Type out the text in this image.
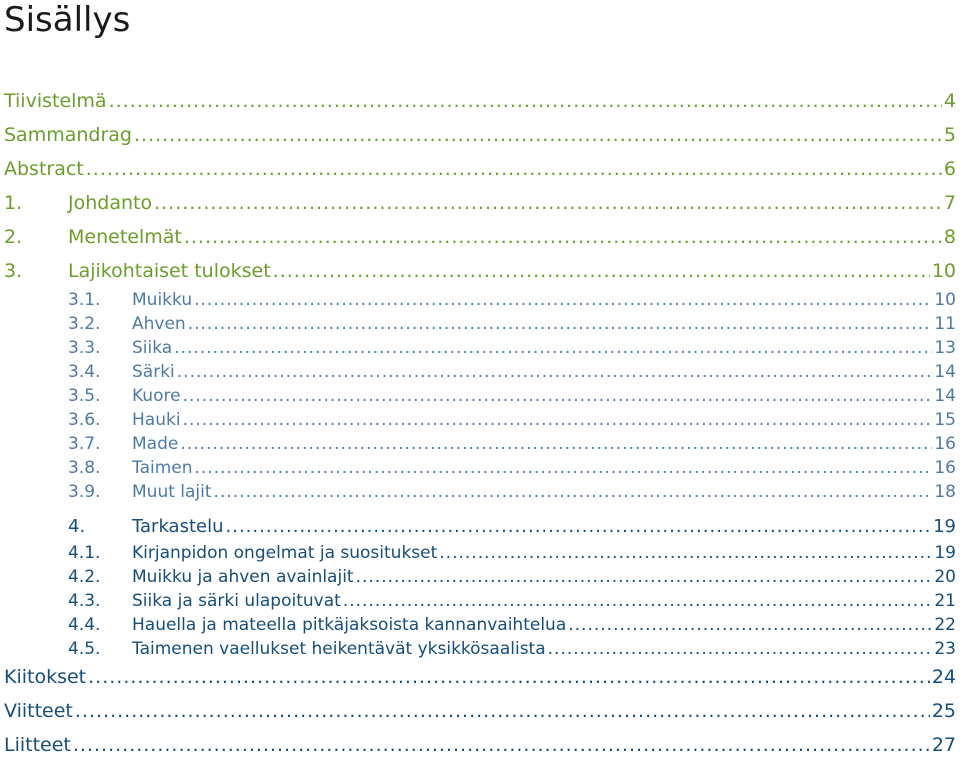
Sisällys
Tiivistelmä .....	4
Sammandrag .....	5
Abstract .....	6
1.	Johdanto .....	7
2.	Menetelmät .....	8
3.	Lajikohtaiset tulokset .....	10
3.1.	Muikku .....	10
3.2.	Ahven .....	11
3.3.	Siika .....	13
3.4.	Särki .....	14
3.5.	Kuore .....	14
3.6.	Hauki .....	15
3.7.	Made .....	16
3.8.	Taimen .....	16
3.9.	Muut lajit .....	18
4.	Tarkastelu .....	19
4.1.	Kirjanpidon ongelmat ja suositukset .....	19
4.2.	Muikku ja ahven avainlajit .....	20
4.3.	Siika ja särki ulapoituvat .....	21
4.4.	Hauella ja mateella pitkäjaksoista kannanvaihtelua .....	22
4.5.	Taimenen vaellukset heikentävät yksikkösaalista .....	23
Kiitokset .....	24
Viitteet .....	25
Liitteet .....	27
